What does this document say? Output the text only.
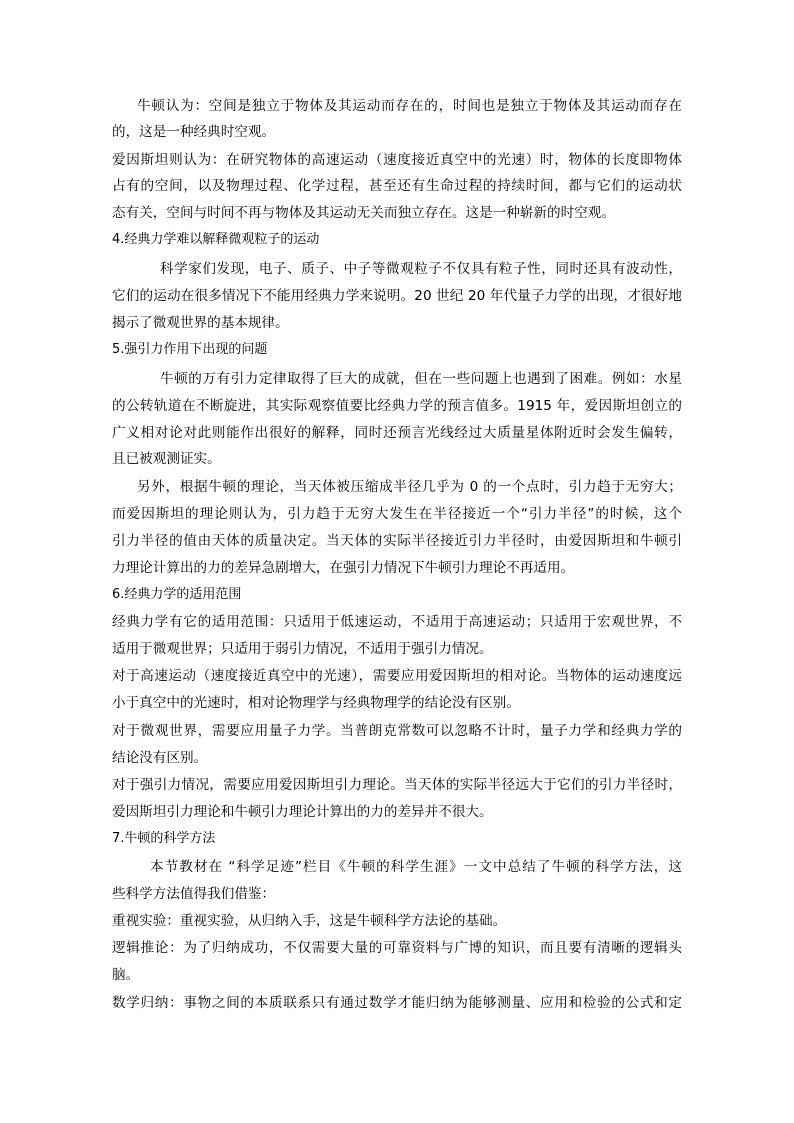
牛顿认为：空间是独立于物体及其运动而存在的，时间也是独立于物体及其运动而存在
的，这是一种经典时空观。
爱因斯坦则认为：在研究物体的高速运动（速度接近真空中的光速）时，物体的长度即物体
占有的空间，以及物理过程、化学过程，甚至还有生命过程的持续时间，都与它们的运动状
态有关，空间与时间不再与物体及其运动无关而独立存在。这是一种崭新的时空观。
4.经典力学难以解释微观粒子的运动
科学家们发现，电子、质子、中子等微观粒子不仅具有粒子性，同时还具有波动性，
它们的运动在很多情况下不能用经典力学来说明。20 世纪 20 年代量子力学的出现，才很好地
揭示了微观世界的基本规律。
5.强引力作用下出现的问题
牛顿的万有引力定律取得了巨大的成就，但在一些问题上也遇到了困难。例如：水星
的公转轨道在不断旋进，其实际观察值要比经典力学的预言值多。1915 年，爱因斯坦创立的
广义相对论对此则能作出很好的解释，同时还预言光线经过大质量星体附近时会发生偏转，
且已被观测证实。
另外，根据牛顿的理论，当天体被压缩成半径几乎为 0 的一个点时，引力趋于无穷大；
而爱因斯坦的理论则认为，引力趋于无穷大发生在半径接近一个“引力半径”的时候，这个
引力半径的值由天体的质量决定。当天体的实际半径接近引力半径时，由爱因斯坦和牛顿引
力理论计算出的力的差异急剧增大，在强引力情况下牛顿引力理论不再适用。
6.经典力学的适用范围
经典力学有它的适用范围：只适用于低速运动，不适用于高速运动；只适用于宏观世界，不
适用于微观世界；只适用于弱引力情况，不适用于强引力情况。
对于高速运动（速度接近真空中的光速），需要应用爱因斯坦的相对论。当物体的运动速度远
小于真空中的光速时，相对论物理学与经典物理学的结论没有区别。
对于微观世界，需要应用量子力学。当普朗克常数可以忽略不计时，量子力学和经典力学的
结论没有区别。
对于强引力情况，需要应用爱因斯坦引力理论。当天体的实际半径远大于它们的引力半径时，
爱因斯坦引力理论和牛顿引力理论计算出的力的差异并不很大。
7.牛顿的科学方法
本节教材在 “科学足迹”栏目《牛顿的科学生涯》一文中总结了牛顿的科学方法，这
些科学方法值得我们借鉴：
重视实验：重视实验，从归纳入手，这是牛顿科学方法论的基础。
逻辑推论：为了归纳成功，不仅需要大量的可靠资料与广博的知识，而且要有清晰的逻辑头
脑。
数学归纳：事物之间的本质联系只有通过数学才能归纳为能够测量、应用和检验的公式和定
